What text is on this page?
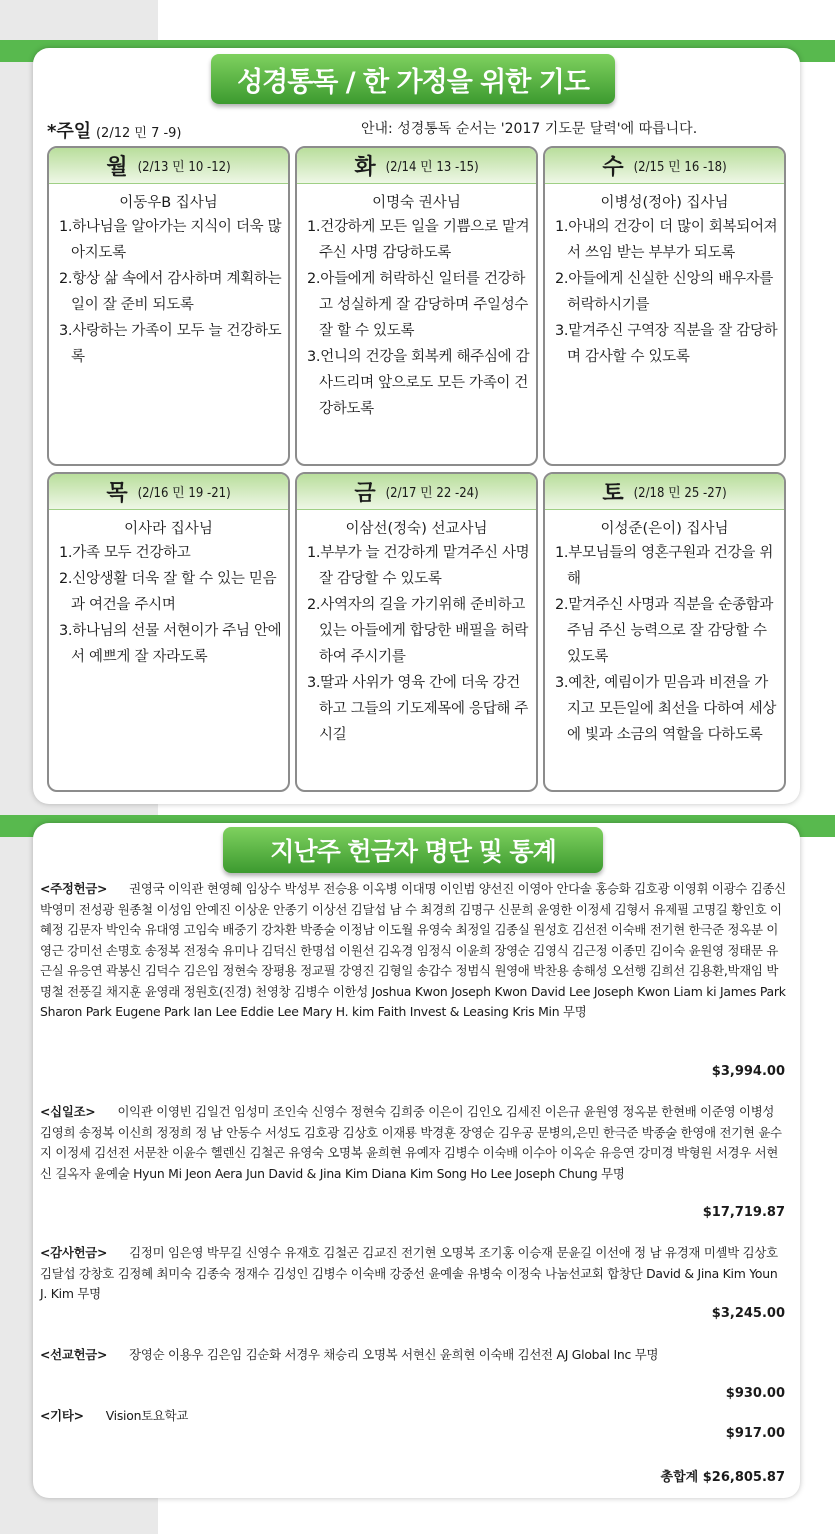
성경통독 / 한 가정을 위한 기도
*주일 (2/12 민 7 -9)	안내: 성경통독 순서는 '2017 기도문 달력'에 따릅니다.
월 (2/13 민 10 -12)
이동우B 집사님
1.하나님을 알아가는 지식이 더욱 많아지도록
2.항상 삶 속에서 감사하며 계획하는 일이 잘 준비 되도록
3.사랑하는 가족이 모두 늘 건강하도록
화 (2/14 민 13 -15)
이명숙 권사님
1.건강하게 모든 일을 기쁨으로 맡겨주신 사명 감당하도록
2.아들에게 허락하신 일터를 건강하고 성실하게 잘 감당하며 주일성수 잘 할 수 있도록
3.언니의 건강을 회복케 해주심에 감사드리며 앞으로도 모든 가족이 건강하도록
수 (2/15 민 16 -18)
이병성(정아) 집사님
1.아내의 건강이 더 많이 회복되어져서 쓰임 받는 부부가 되도록
2.아들에게 신실한 신앙의 배우자를 허락하시기를
3.맡겨주신 구역장 직분을 잘 감당하며 감사할 수 있도록
목 (2/16 민 19 -21)
이사라 집사님
1.가족 모두 건강하고
2.신앙생활 더욱 잘 할 수 있는 믿음과 여건을 주시며
3.하나님의 선물 서현이가 주님 안에서 예쁘게 잘 자라도록
금 (2/17 민 22 -24)
이삼선(정숙) 선교사님
1.부부가 늘 건강하게 맡겨주신 사명 잘 감당할 수 있도록
2.사역자의 길을 가기위해 준비하고 있는 아들에게 합당한 배필을 허락하여 주시기를
3.딸과 사위가 영육 간에 더욱 강건하고 그들의 기도제목에 응답해 주시길
토 (2/18 민 25 -27)
이성준(은이) 집사님
1.부모님들의 영혼구원과 건강을 위해
2.맡겨주신 사명과 직분을 순종함과 주님 주신 능력으로 잘 감당할 수 있도록
3.예찬, 예림이가 믿음과 비젼을 가지고 모든일에 최선을 다하여 세상에 빛과 소금의 역할을 다하도록
지난주 헌금자 명단 및 통계
<주정헌금> 권영국 이익관 현영혜 임상수 박성부 전승용 이옥병 이대명 이인범 양선진 이영아 안다솔 홍승화 김호광 이영휘 이광수 김종신 박영미 전성광 원종철 이성임 안예진 이상운 안종기 이상선 김달섭 남 수 최경희 김명구 신문희 윤영한 이정세 김형서 유제필 고명길 황인호 이혜정 김문자 박인숙 유대영 고임숙 배중기 강차환 박종술 이정남 이도월 유영숙 최정일 김종실 원성호 김선전 이숙배 전기현 한극준 정옥분 이영근 강미선 손명호 송정복 전정숙 유미나 김덕신 한명섭 이원선 김옥경 임정식 이윤희 장영순 김영식 김근정 이종민 김이숙 윤원영 정태문 유근실 유응연 곽봉신 김덕수 김은임 정현숙 장평용 정교필 강영진 김형일 송갑수 정범식 원영애 박찬용 송해성 오선행 김희선 김용환,박재임 박명철 전풍길 채지훈 윤영래 정원호(진경) 천영창 김병수 이한성 Joshua Kwon Joseph Kwon David Lee Joseph Kwon Liam ki James Park Sharon Park Eugene Park Ian Lee Eddie Lee Mary H. kim Faith Invest & Leasing Kris Min 무명
$3,994.00
<십일조> 이익관 이영빈 김일건 임성미 조인숙 신영수 정현숙 김희중 이은이 김인오 김세진 이은규 윤원영 정옥분 한현배 이준영 이병성 김영희 송정복 이신희 정정희 정 남 안동수 서성도 김호광 김상호 이재룡 박경훈 장영순 김우공 문병의,은민 한극준 박종술 한영애 전기현 윤수지 이정세 김선전 서문찬 이윤수 헬렌신 김철곤 유영숙 오명복 윤희현 유예자 김병수 이숙배 이수아 이옥순 유응연 강미경 박형원 서경우 서현신 길옥자 윤예술 Hyun Mi Jeon Aera Jun David & Jina Kim Diana Kim Song Ho Lee Joseph Chung 무명
$17,719.87
<감사헌금> 김정미 임은영 박무길 신영수 유재호 김철곤 김교진 전기현 오명복 조기홍 이승재 문윤길 이선애 정 남 유경재 미셸박 김상호 김달섭 강창호 김정혜 최미숙 김종숙 정재수 김성인 김병수 이숙배 강중선 윤예솔 유병숙 이정숙 나눔선교회 합창단 David & Jina Kim Youn J. Kim 무명
$3,245.00
<선교헌금> 장영순 이용우 김은임 김순화 서경우 채승리 오명복 서현신 윤희현 이숙배 김선전 AJ Global Inc 무명
$930.00
<기타> Vision토요학교
$917.00
총합계 $26,805.87
